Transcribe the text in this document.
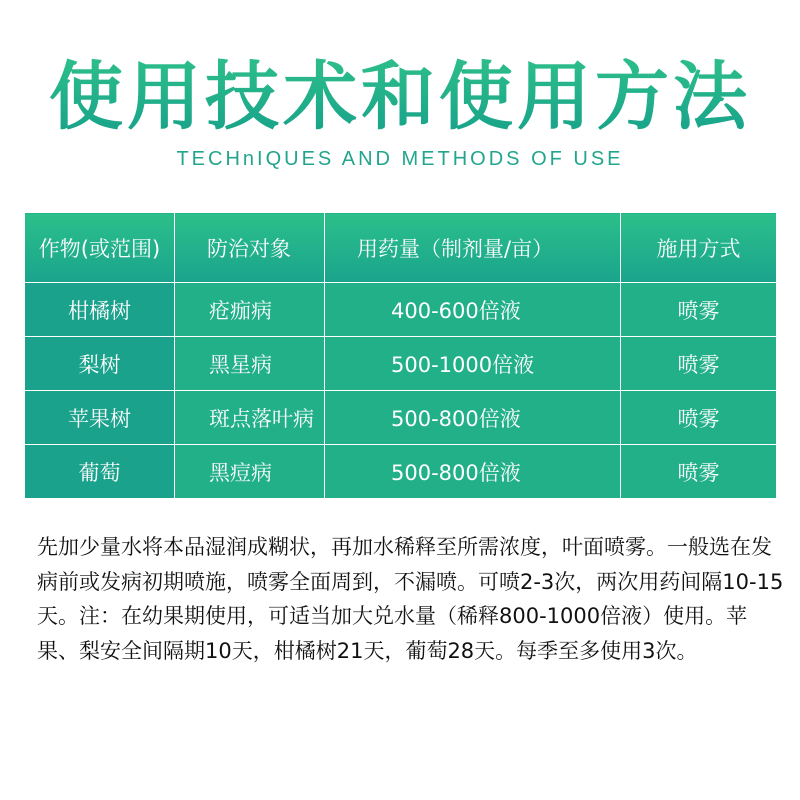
使用技术和使用方法
TECHnIQUES AND METHODS OF USE
作物(或范围)	防治对象	用药量（制剂量/亩）	施用方式
柑橘树	疮痂病	400-600倍液	喷雾
梨树	黑星病	500-1000倍液	喷雾
苹果树	斑点落叶病	500-800倍液	喷雾
葡萄	黑痘病	500-800倍液	喷雾

先加少量水将本品湿润成糊状，再加水稀释至所需浓度，叶面喷雾。一般选在发病前或发病初期喷施，喷雾全面周到，不漏喷。可喷2-3次，两次用药间隔10-15天。注：在幼果期使用，可适当加大兑水量（稀释800-1000倍液）使用。苹果、梨安全间隔期10天，柑橘树21天，葡萄28天。每季至多使用3次。
